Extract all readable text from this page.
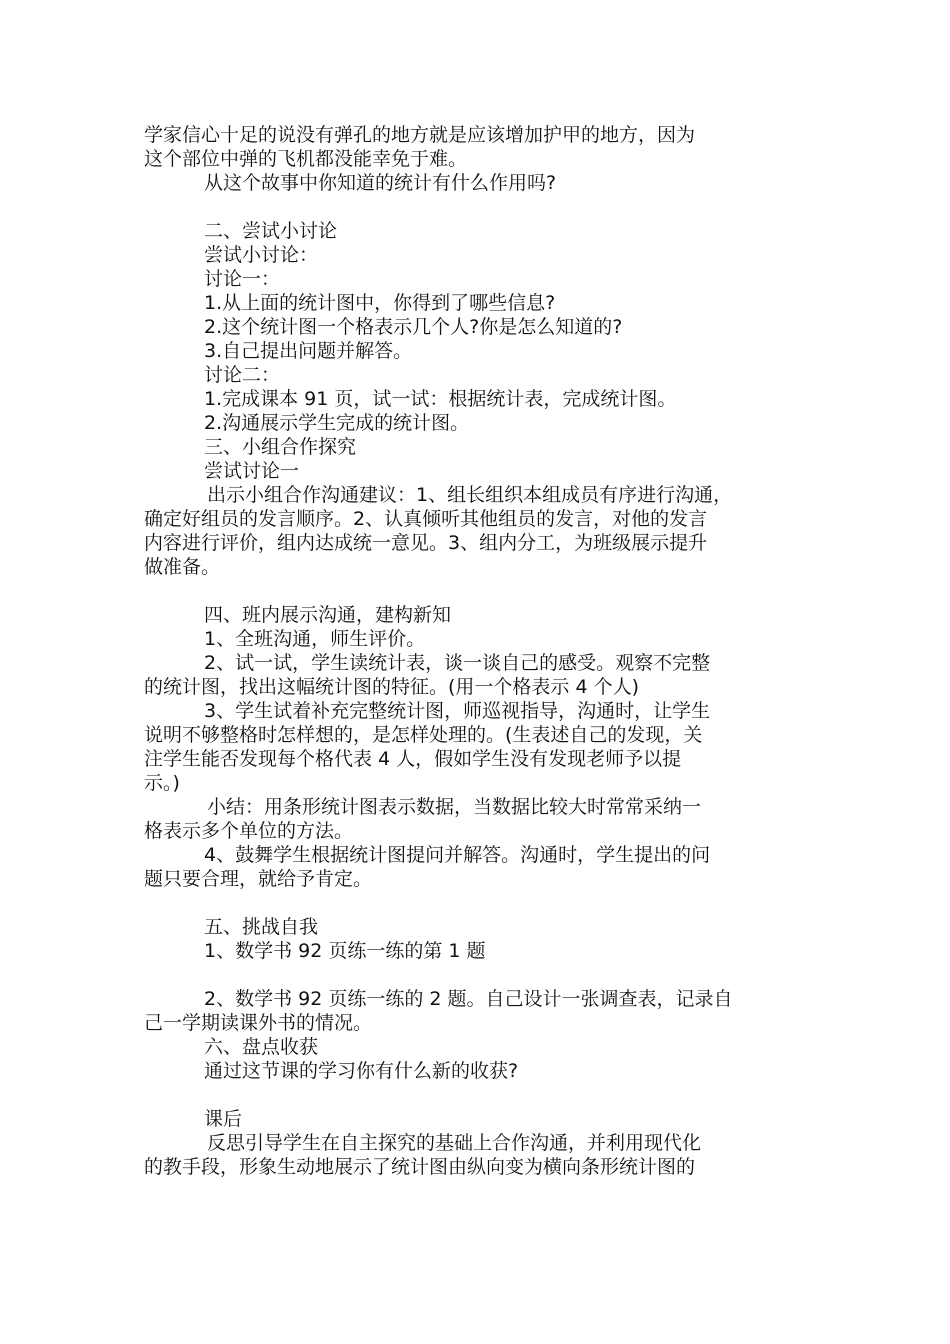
学家信心十足的说没有弹孔的地方就是应该增加护甲的地方，因为
这个部位中弹的飞机都没能幸免于难。
从这个故事中你知道的统计有什么作用吗?
二、尝试小讨论
尝试小讨论：
讨论一：
1.从上面的统计图中，你得到了哪些信息?
2.这个统计图一个格表示几个人?你是怎么知道的?
3.自己提出问题并解答。
讨论二：
1.完成课本 91 页，试一试：根据统计表，完成统计图。
2.沟通展示学生完成的统计图。
三、小组合作探究
尝试讨论一
出示小组合作沟通建议：1、组长组织本组成员有序进行沟通，
确定好组员的发言顺序。2、认真倾听其他组员的发言，对他的发言
内容进行评价，组内达成统一意见。3、组内分工，为班级展示提升
做准备。
四、班内展示沟通，建构新知
1、全班沟通，师生评价。
2、试一试，学生读统计表，谈一谈自己的感受。观察不完整
的统计图，找出这幅统计图的特征。(用一个格表示 4 个人)
3、学生试着补充完整统计图，师巡视指导，沟通时，让学生
说明不够整格时怎样想的，是怎样处理的。(生表述自己的发现，关
注学生能否发现每个格代表 4 人，假如学生没有发现老师予以提
示。)
小结：用条形统计图表示数据，当数据比较大时常常采纳一
格表示多个单位的方法。
4、鼓舞学生根据统计图提问并解答。沟通时，学生提出的问
题只要合理，就给予肯定。
五、挑战自我
1、数学书 92 页练一练的第 1 题
2、数学书 92 页练一练的 2 题。自己设计一张调查表，记录自
己一学期读课外书的情况。
六、盘点收获
通过这节课的学习你有什么新的收获?
课后
反思引导学生在自主探究的基础上合作沟通，并利用现代化
的教手段，形象生动地展示了统计图由纵向变为横向条形统计图的
